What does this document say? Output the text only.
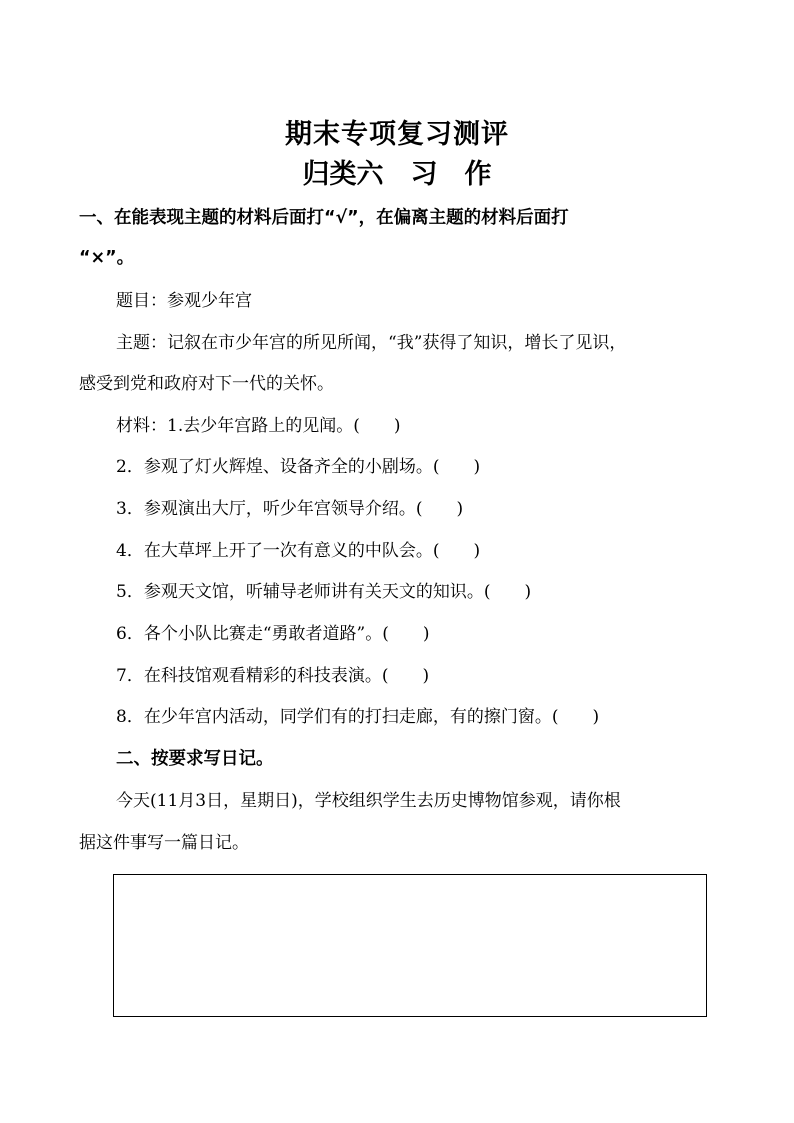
期末专项复习测评
归类六　习　作
一、在能表现主题的材料后面打“√”，在偏离主题的材料后面打
“×”。
题目：参观少年宫
主题：记叙在市少年宫的所见所闻，“我”获得了知识，增长了见识，
感受到党和政府对下一代的关怀。
材料：1.去少年宫路上的见闻。(　　)
2．参观了灯火辉煌、设备齐全的小剧场。(　　)
3．参观演出大厅，听少年宫领导介绍。(　　)
4．在大草坪上开了一次有意义的中队会。(　　)
5．参观天文馆，听辅导老师讲有关天文的知识。(　　)
6．各个小队比赛走“勇敢者道路”。(　　)
7．在科技馆观看精彩的科技表演。(　　)
8．在少年宫内活动，同学们有的打扫走廊，有的擦门窗。(　　)
二、按要求写日记。
今天(11月3日，星期日)，学校组织学生去历史博物馆参观，请你根
据这件事写一篇日记。
